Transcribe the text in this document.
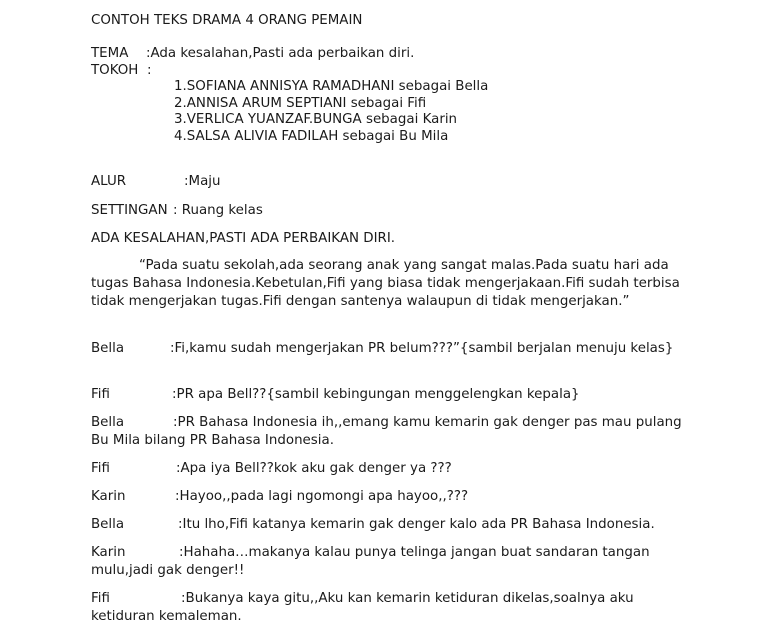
CONTOH TEKS DRAMA 4 ORANG PEMAIN
TEMA :Ada kesalahan,Pasti ada perbaikan diri.
TOKOH :
1.SOFIANA ANNISYA RAMADHANI sebagai Bella
2.ANNISA ARUM SEPTIANI sebagai Fifi
3.VERLICA YUANZAF.BUNGA sebagai Karin
4.SALSA ALIVIA FADILAH sebagai Bu Mila
ALUR	:Maju
SETTINGAN : Ruang kelas
ADA KESALAHAN,PASTI ADA PERBAIKAN DIRI.
“Pada suatu sekolah,ada seorang anak yang sangat malas.Pada suatu hari ada tugas Bahasa Indonesia.Kebetulan,Fifi yang biasa tidak mengerjakaan.Fifi sudah terbisa tidak mengerjakan tugas.Fifi dengan santenya walaupun di tidak mengerjakan.”
Bella	:Fi,kamu sudah mengerjakan PR belum???”{sambil berjalan menuju kelas}
Fifi	:PR apa Bell??{sambil kebingungan menggelengkan kepala}
Bella	:PR Bahasa Indonesia ih,,emang kamu kemarin gak denger pas mau pulang Bu Mila bilang PR Bahasa Indonesia.
Fifi	:Apa iya Bell??kok aku gak denger ya ???
Karin	:Hayoo,,pada lagi ngomongi apa hayoo,,???
Bella	:Itu lho,Fifi katanya kemarin gak denger kalo ada PR Bahasa Indonesia.
Karin	:Hahaha…makanya kalau punya telinga jangan buat sandaran tangan mulu,jadi gak denger!!
Fifi	:Bukanya kaya gitu,,Aku kan kemarin ketiduran dikelas,soalnya aku ketiduran kemaleman.
